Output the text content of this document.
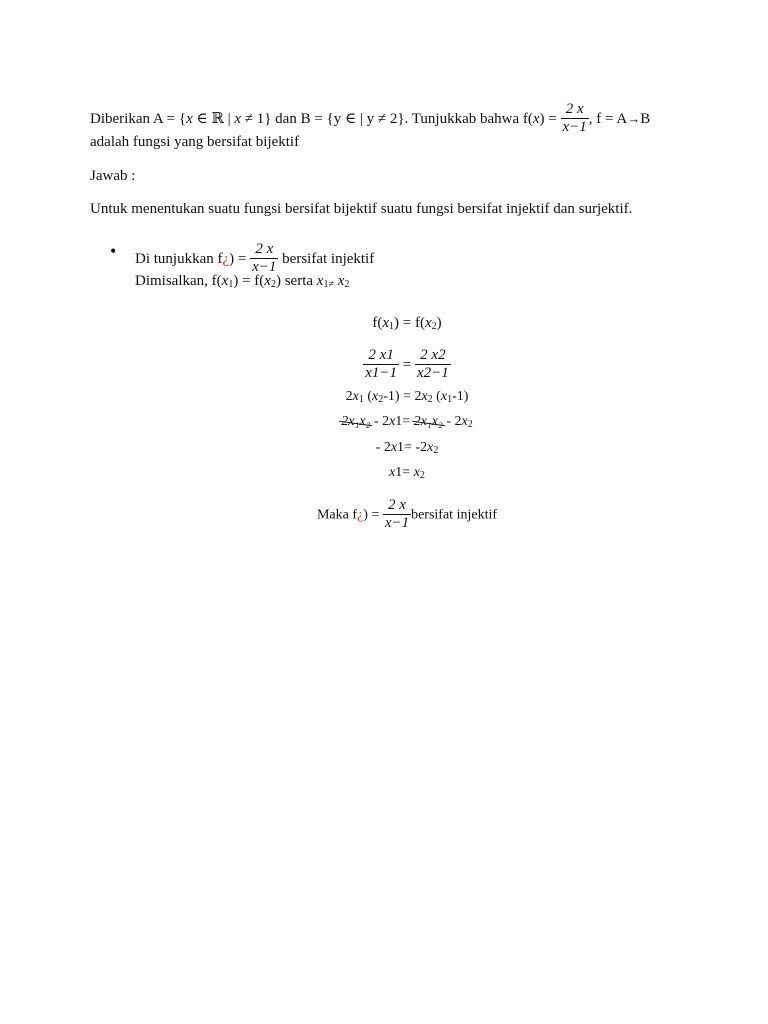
Diberikan A = {x ∈ ℝ | x ≠ 1} dan B = {y ∈ | y ≠ 2}. Tunjukkab bahwa $f(x) = \frac{2 x}{x-1}$ , f = A→B
adalah fungsi yang bersifat bijektif
Jawab :
Untuk menentukan suatu fungsi bersifat bijektif suatu fungsi bersifat injektif dan surjektif.
• Di tunjukkan f¿) = $\frac{2 x}{x-1}$ bersifat injektif
Dimisalkan, $f(x_1) = f(x_2)$ serta $x_{1\ne}$ $x_2$
$f(x_1) = f(x_2)$
$\frac{2 x1}{x1-1} = \frac{2 x2}{x2-1}$
$2x_1$ $(x_2-1) = 2x_2$ $(x_1-1)$
$2x_1x_2 - 2x1= 2x_1x_2 - 2x_2$
- $2x1= -2x_2$
$x1= x_2$
Maka f¿) = $\frac{2 x}{x-1}$ bersifat injektif
